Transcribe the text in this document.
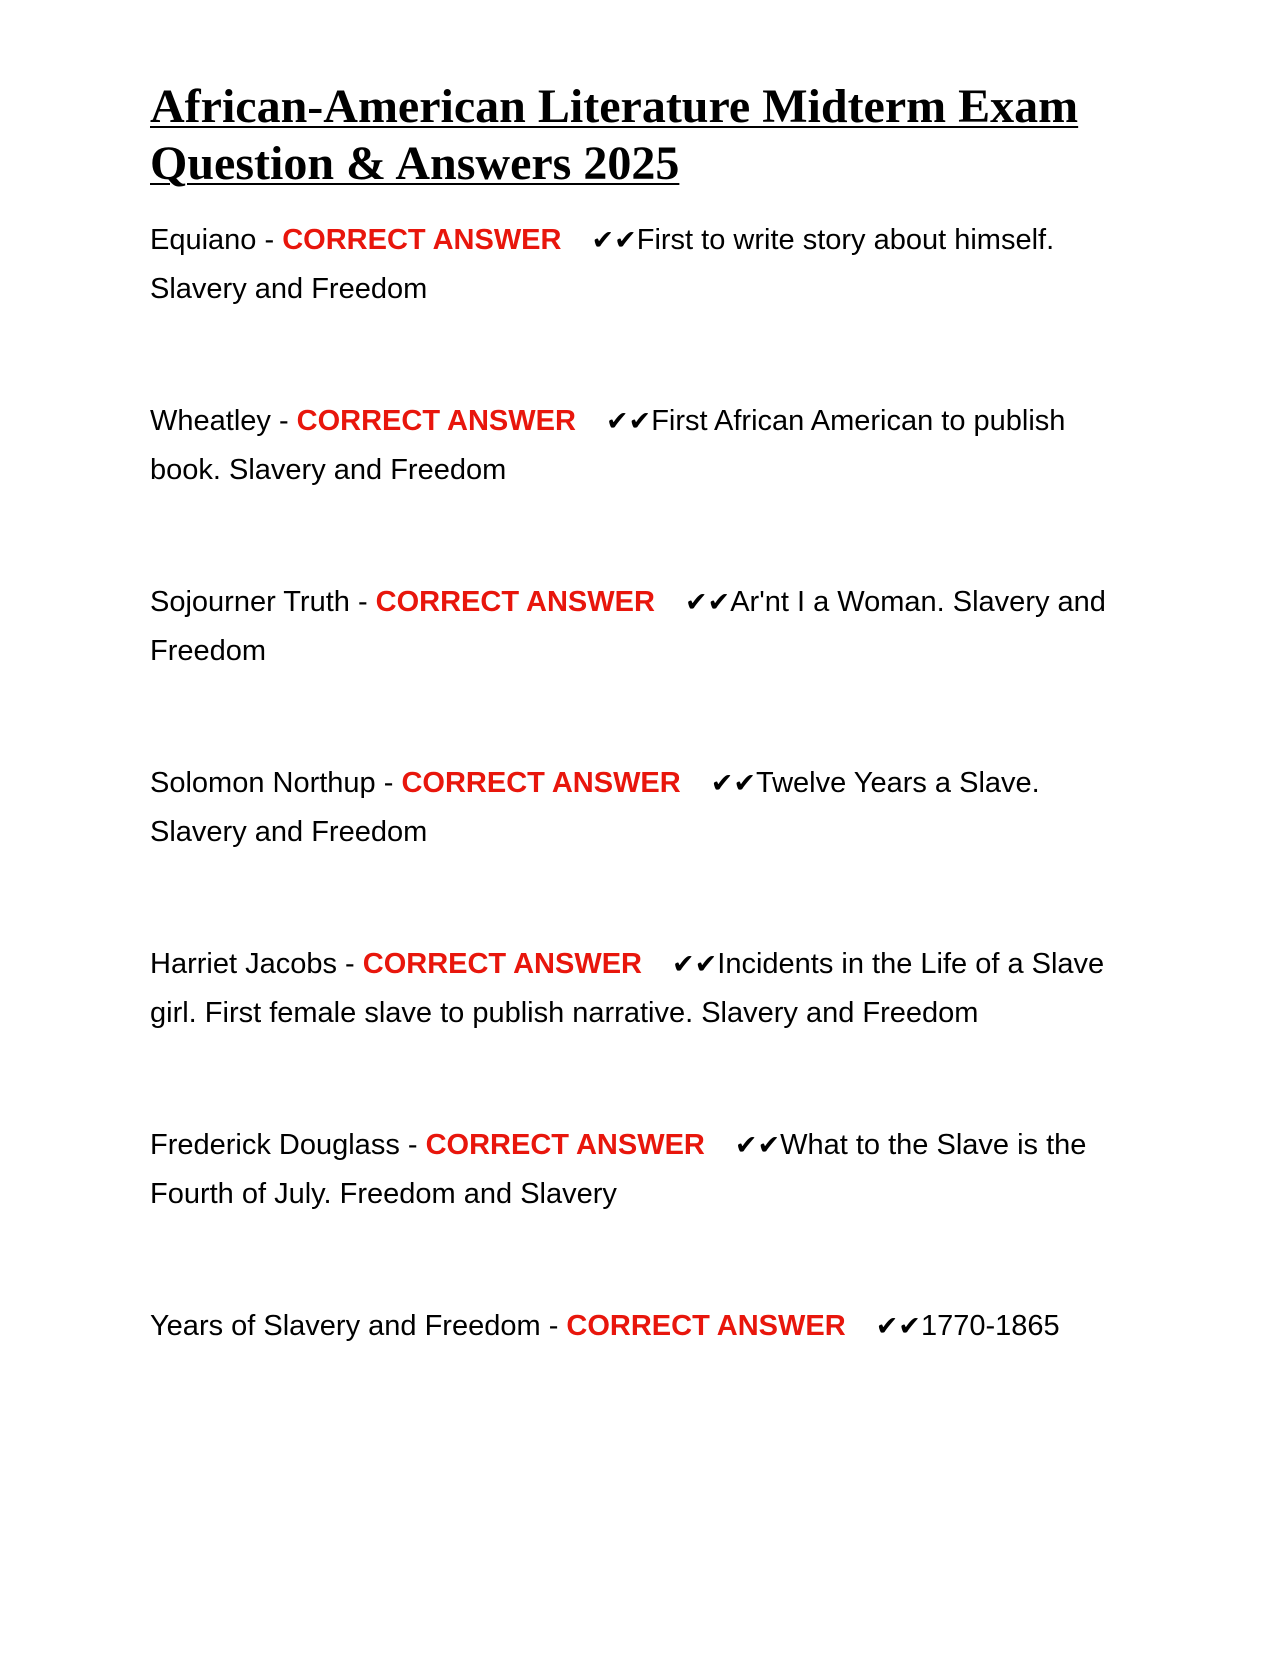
African-American Literature Midterm Exam Question & Answers 2025
Equiano - CORRECT ANSWER ✔✔First to write story about himself. Slavery and Freedom
Wheatley - CORRECT ANSWER ✔✔First African American to publish book. Slavery and Freedom
Sojourner Truth - CORRECT ANSWER ✔✔Ar'nt I a Woman. Slavery and Freedom
Solomon Northup - CORRECT ANSWER ✔✔Twelve Years a Slave. Slavery and Freedom
Harriet Jacobs - CORRECT ANSWER ✔✔Incidents in the Life of a Slave girl. First female slave to publish narrative. Slavery and Freedom
Frederick Douglass - CORRECT ANSWER ✔✔What to the Slave is the Fourth of July. Freedom and Slavery
Years of Slavery and Freedom - CORRECT ANSWER ✔✔1770-1865
